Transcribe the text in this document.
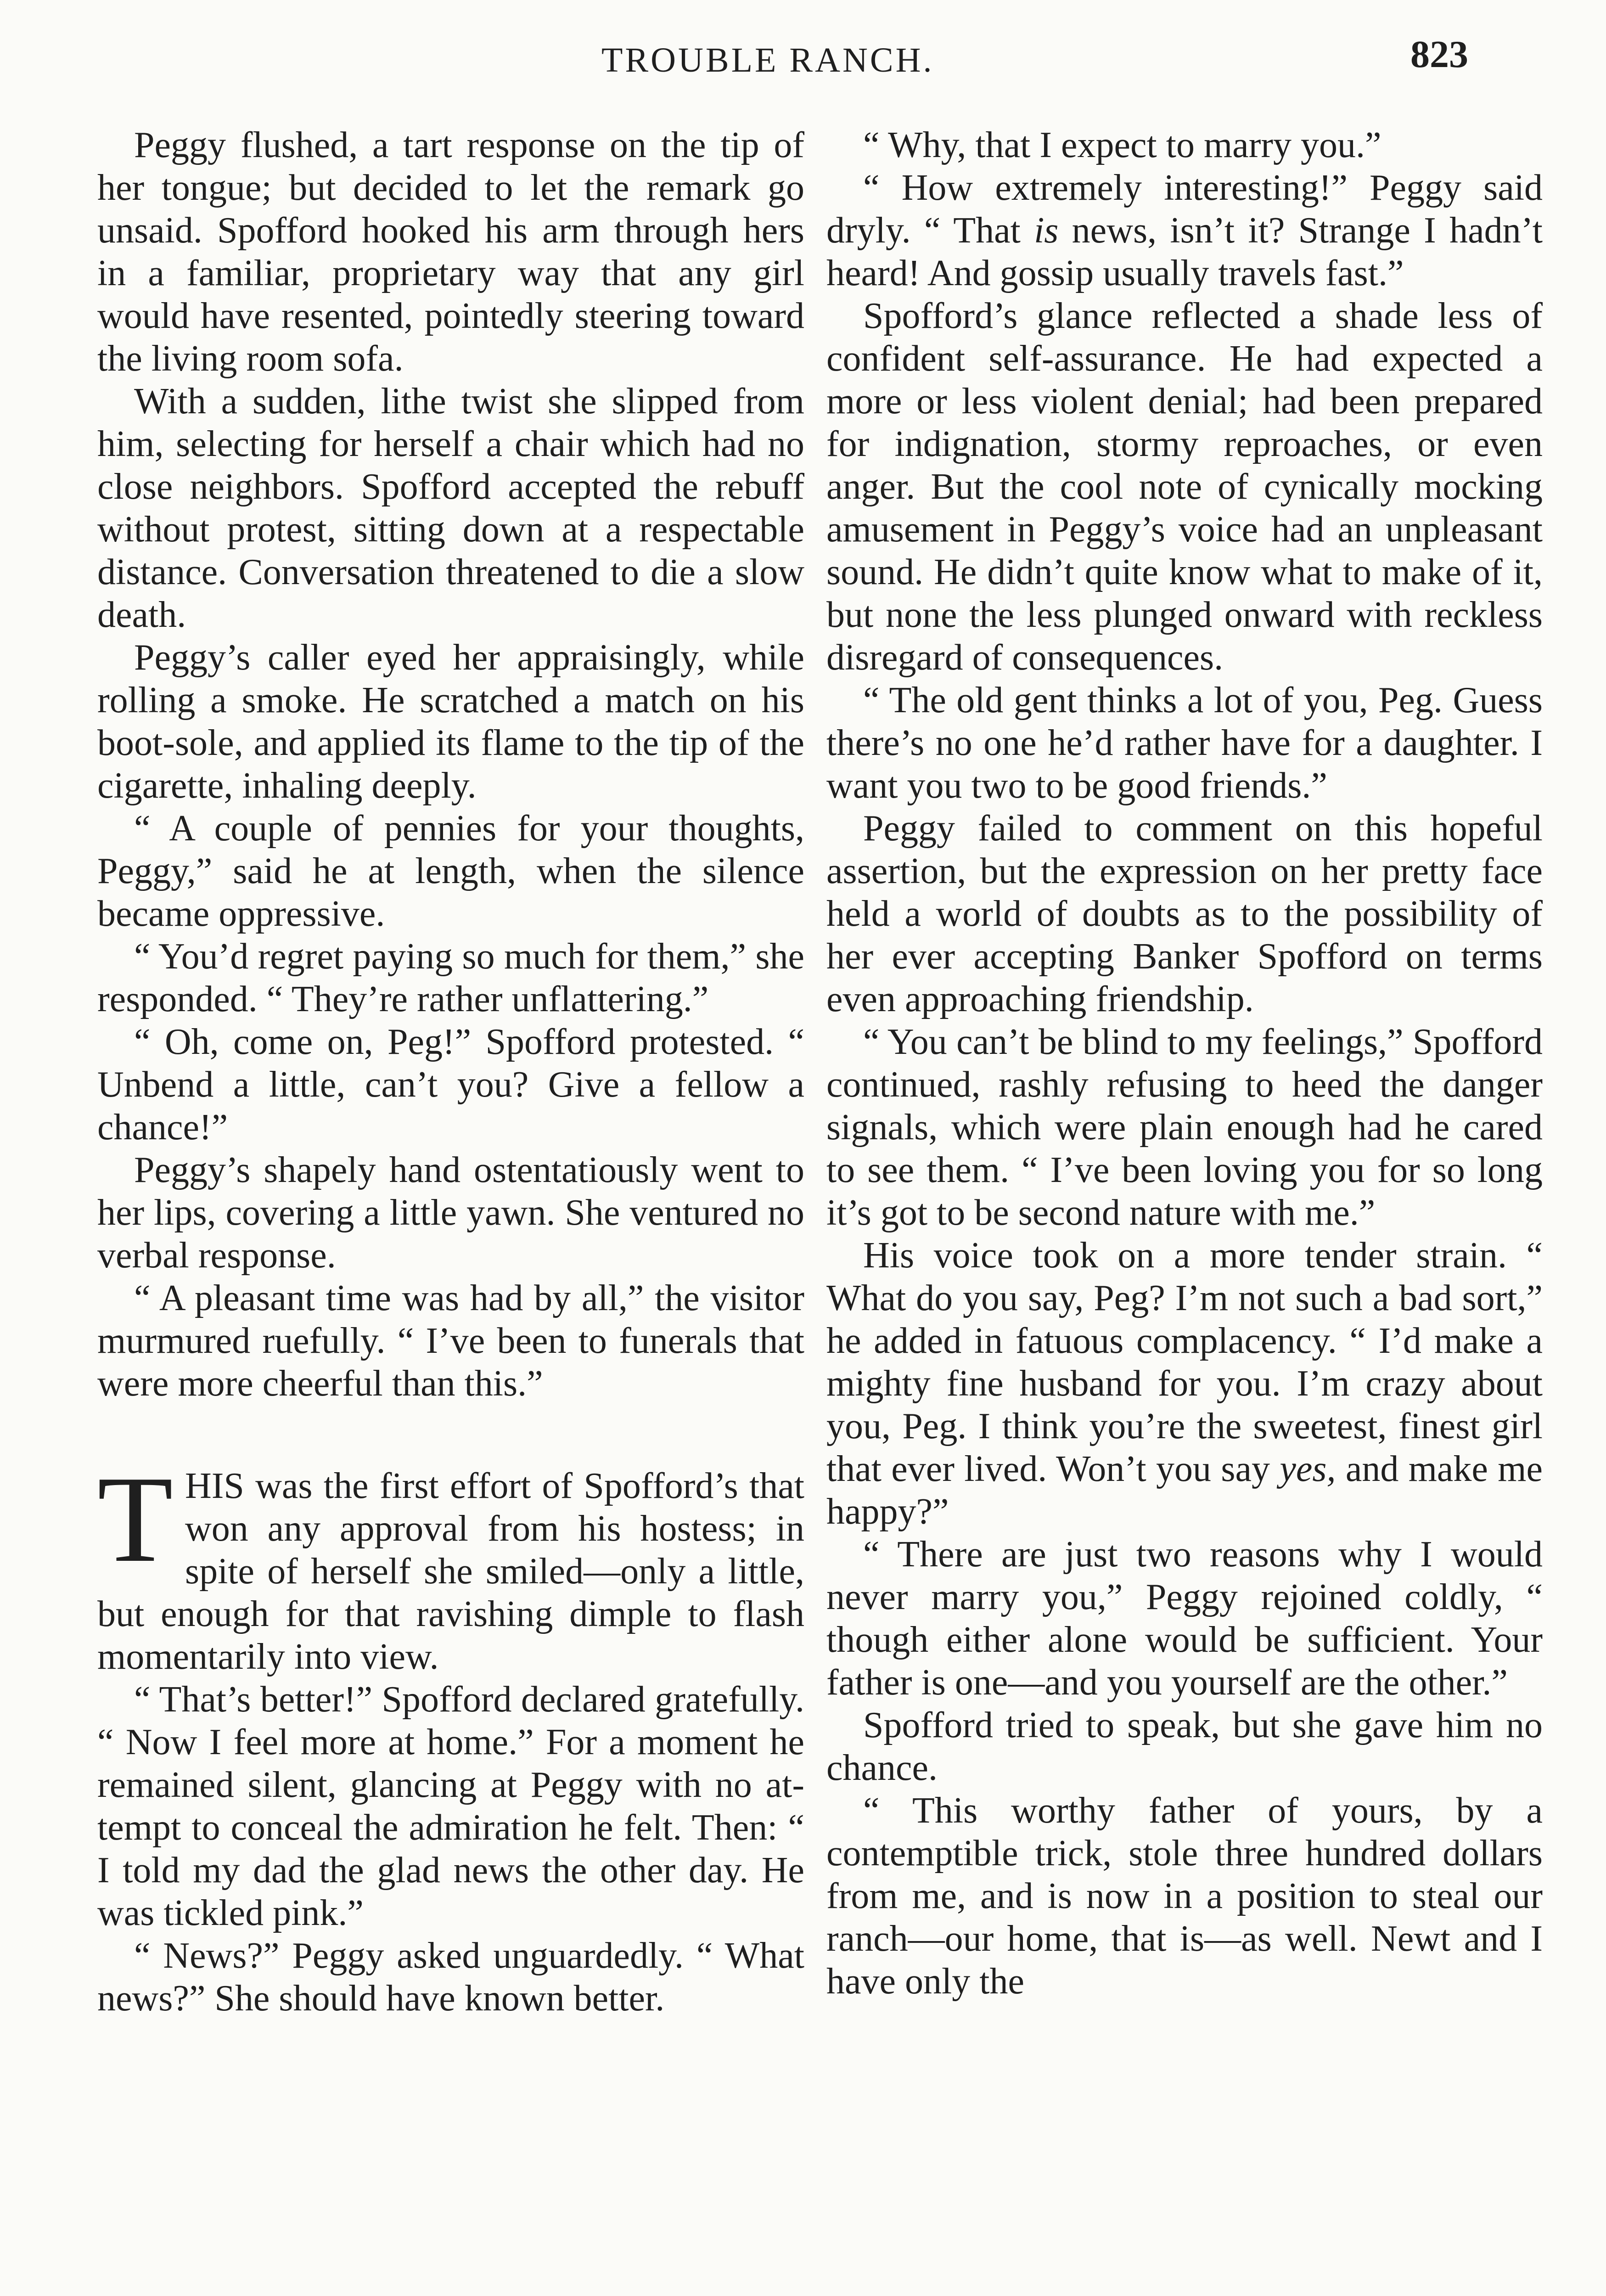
TROUBLE RANCH.	823

Peggy flushed, a tart response on the tip of her tongue; but decided to let the remark go unsaid. Spofford hooked his arm through hers in a familiar, proprietary way that any girl would have resented, pointedly steering toward the living room sofa.

With a sudden, lithe twist she slipped from him, selecting for herself a chair which had no close neighbors. Spofford accepted the rebuff without protest, sitting down at a respectable distance. Conversation threatened to die a slow death.

Peggy’s caller eyed her appraisingly, while rolling a smoke. He scratched a match on his boot-sole, and applied its flame to the tip of the cigarette, inhaling deeply.

“ A couple of pennies for your thoughts, Peggy,” said he at length, when the silence became oppressive.

“ You’d regret paying so much for them,” she responded. “ They’re rather unflattering.”

“ Oh, come on, Peg!” Spofford protested. “ Unbend a little, can’t you? Give a fellow a chance!”

Peggy’s shapely hand ostentatiously went to her lips, covering a little yawn. She ventured no verbal response.

“ A pleasant time was had by all,” the visitor murmured ruefully. “ I’ve been to funerals that were more cheerful than this.”

THIS was the first effort of Spofford’s that won any approval from his hostess; in spite of herself she smiled—only a little, but enough for that ravishing dimple to flash momentarily into view.

“ That’s better!” Spofford declared gratefully. “ Now I feel more at home.” For a moment he remained silent, glancing at Peggy with no attempt to conceal the admiration he felt. Then: “ I told my dad the glad news the other day. He was tickled pink.”

“ News?” Peggy asked unguardedly. “ What news?” She should have known better.

“ Why, that I expect to marry you.”

“ How extremely interesting!” Peggy said dryly. “ That is news, isn’t it? Strange I hadn’t heard! And gossip usually travels fast.”

Spofford’s glance reflected a shade less of confident self-assurance. He had expected a more or less violent denial; had been prepared for indignation, stormy reproaches, or even anger. But the cool note of cynically mocking amusement in Peggy’s voice had an unpleasant sound. He didn’t quite know what to make of it, but none the less plunged onward with reckless disregard of consequences.

“ The old gent thinks a lot of you, Peg. Guess there’s no one he’d rather have for a daughter. I want you two to be good friends.”

Peggy failed to comment on this hopeful assertion, but the expression on her pretty face held a world of doubts as to the possibility of her ever accepting Banker Spofford on terms even approaching friendship.

“ You can’t be blind to my feelings,” Spofford continued, rashly refusing to heed the danger signals, which were plain enough had he cared to see them. “ I’ve been loving you for so long it’s got to be second nature with me.”

His voice took on a more tender strain. “ What do you say, Peg? I’m not such a bad sort,” he added in fatuous complacency. “ I’d make a mighty fine husband for you. I’m crazy about you, Peg. I think you’re the sweetest, finest girl that ever lived. Won’t you say yes, and make me happy?”

“ There are just two reasons why I would never marry you,” Peggy rejoined coldly, “ though either alone would be sufficient. Your father is one—and you yourself are the other.”

Spofford tried to speak, but she gave him no chance.

“ This worthy father of yours, by a contemptible trick, stole three hundred dollars from me, and is now in a position to steal our ranch—our home, that is—as well. Newt and I have only the
